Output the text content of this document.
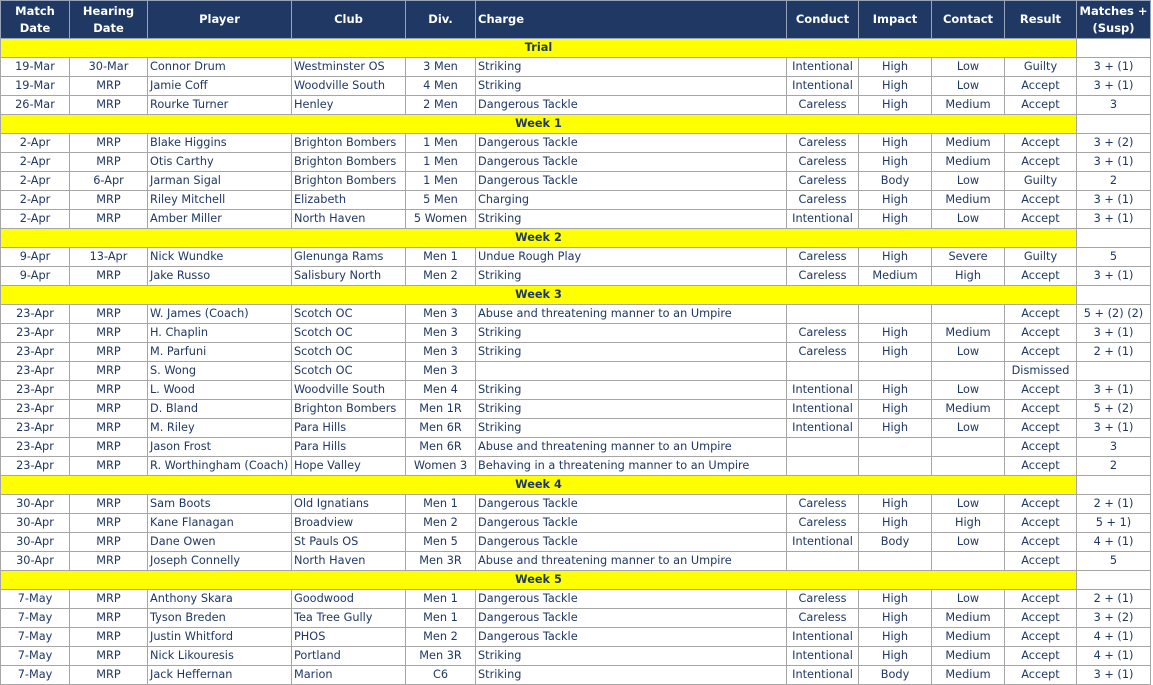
Match Date	Hearing Date	Player	Club	Div.	Charge	Conduct	Impact	Contact	Result	Matches + (Susp)
Trial										
19-Mar	30-Mar	Connor Drum	Westminster OS	3 Men	Striking	Intentional	High	Low	Guilty	3 + (1)
19-Mar	MRP	Jamie Coff	Woodville South	4 Men	Striking	Intentional	High	Low	Accept	3 + (1)
26-Mar	MRP	Rourke Turner	Henley	2 Men	Dangerous Tackle	Careless	High	Medium	Accept	3
Week 1										
2-Apr	MRP	Blake Higgins	Brighton Bombers	1 Men	Dangerous Tackle	Careless	High	Medium	Accept	3 + (2)
2-Apr	MRP	Otis Carthy	Brighton Bombers	1 Men	Dangerous Tackle	Careless	High	Medium	Accept	3 + (1)
2-Apr	6-Apr	Jarman Sigal	Brighton Bombers	1 Men	Dangerous Tackle	Careless	Body	Low	Guilty	2
2-Apr	MRP	Riley Mitchell	Elizabeth	5 Men	Charging	Careless	High	Medium	Accept	3 + (1)
2-Apr	MRP	Amber Miller	North Haven	5 Women	Striking	Intentional	High	Low	Accept	3 + (1)
Week 2										
9-Apr	13-Apr	Nick Wundke	Glenunga Rams	Men 1	Undue Rough Play	Careless	High	Severe	Guilty	5
9-Apr	MRP	Jake Russo	Salisbury North	Men 2	Striking	Careless	Medium	High	Accept	3 + (1)
Week 3										
23-Apr	MRP	W. James (Coach)	Scotch OC	Men 3	Abuse and threatening manner to an Umpire				Accept	5 + (2) (2)
23-Apr	MRP	H. Chaplin	Scotch OC	Men 3	Striking	Careless	High	Medium	Accept	3 + (1)
23-Apr	MRP	M. Parfuni	Scotch OC	Men 3	Striking	Careless	High	Low	Accept	2 + (1)
23-Apr	MRP	S. Wong	Scotch OC	Men 3					Dismissed	
23-Apr	MRP	L. Wood	Woodville South	Men 4	Striking	Intentional	High	Low	Accept	3 + (1)
23-Apr	MRP	D. Bland	Brighton Bombers	Men 1R	Striking	Intentional	High	Medium	Accept	5 + (2)
23-Apr	MRP	M. Riley	Para Hills	Men 6R	Striking	Intentional	High	Low	Accept	3 + (1)
23-Apr	MRP	Jason Frost	Para Hills	Men 6R	Abuse and threatening manner to an Umpire				Accept	3
23-Apr	MRP	R. Worthingham (Coach)	Hope Valley	Women 3	Behaving in a threatening manner to an Umpire				Accept	2
Week 4										
30-Apr	MRP	Sam Boots	Old Ignatians	Men 1	Dangerous Tackle	Careless	High	Low	Accept	2 + (1)
30-Apr	MRP	Kane Flanagan	Broadview	Men 2	Dangerous Tackle	Careless	High	High	Accept	5 + 1)
30-Apr	MRP	Dane Owen	St Pauls OS	Men 5	Dangerous Tackle	Intentional	Body	Low	Accept	4 + (1)
30-Apr	MRP	Joseph Connelly	North Haven	Men 3R	Abuse and threatening manner to an Umpire				Accept	5
Week 5										
7-May	MRP	Anthony Skara	Goodwood	Men 1	Dangerous Tackle	Careless	High	Low	Accept	2 + (1)
7-May	MRP	Tyson Breden	Tea Tree Gully	Men 1	Dangerous Tackle	Careless	High	Medium	Accept	3 + (2)
7-May	MRP	Justin Whitford	PHOS	Men 2	Dangerous Tackle	Intentional	High	Medium	Accept	4 + (1)
7-May	MRP	Nick Likouresis	Portland	Men 3R	Striking	Intentional	High	Medium	Accept	4 + (1)
7-May	MRP	Jack Heffernan	Marion	C6	Striking	Intentional	Body	Medium	Accept	3 + (1)
